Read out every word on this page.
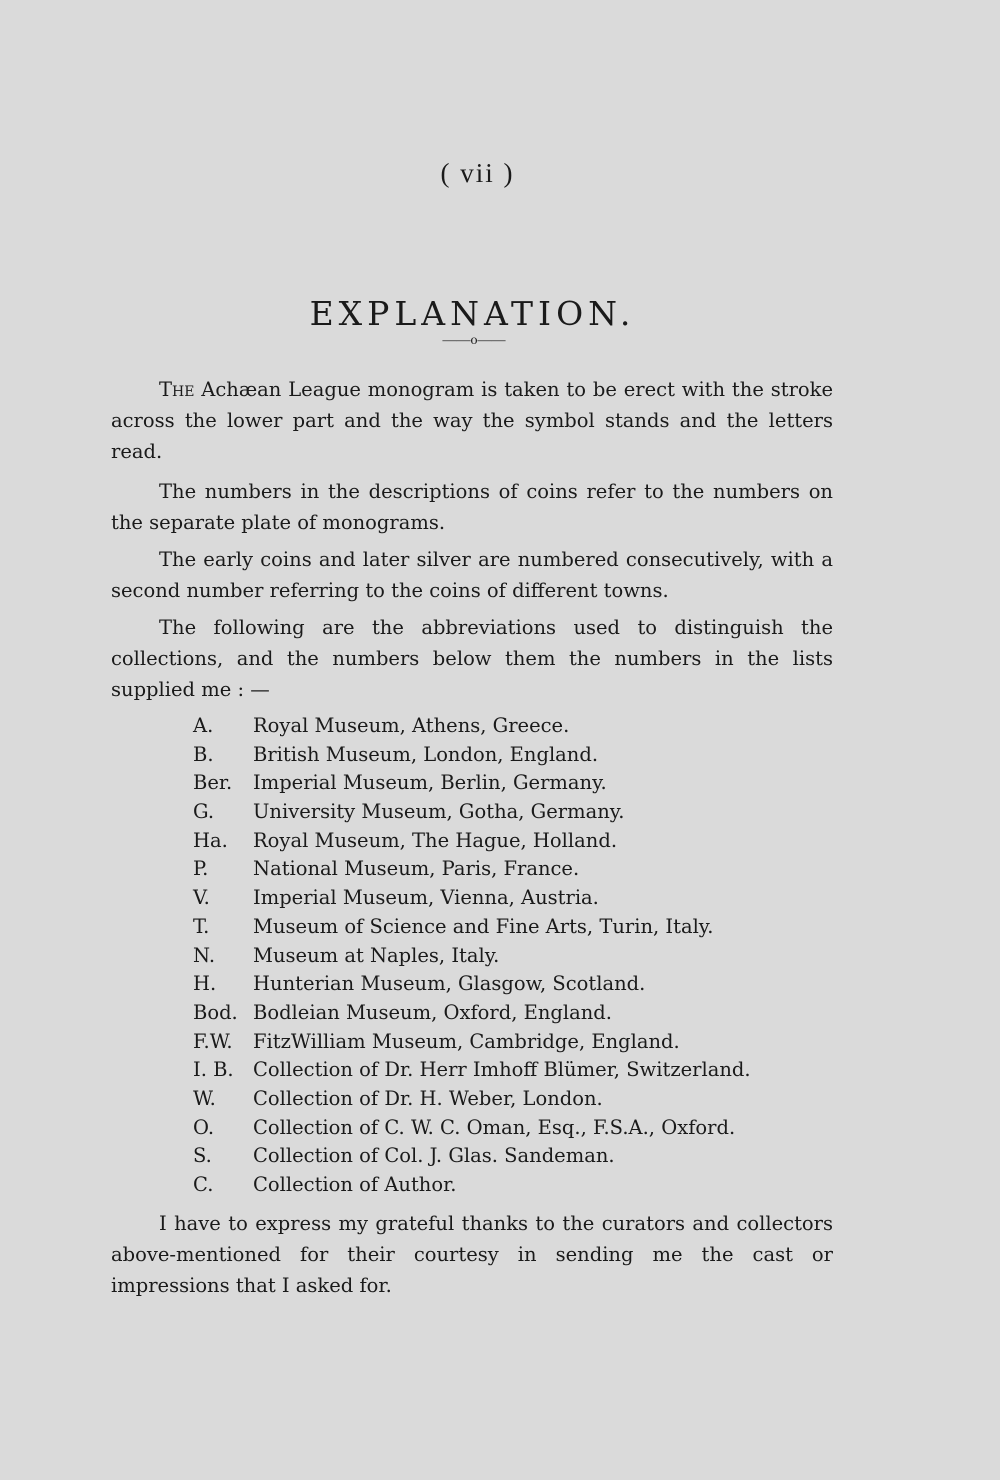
( vii )
EXPLANATION.
——o——

The Achæan League monogram is taken to be erect with the stroke across the lower part and the way the symbol stands and the letters read.

The numbers in the descriptions of coins refer to the numbers on the separate plate of monograms.

The early coins and later silver are numbered consecutively, with a second number referring to the coins of different towns.

The following are the abbreviations used to distinguish the collections, and the numbers below them the numbers in the lists supplied me : —

A.	Royal Museum, Athens, Greece.
B.	British Museum, London, England.
Ber.	Imperial Museum, Berlin, Germany.
G.	University Museum, Gotha, Germany.
Ha.	Royal Museum, The Hague, Holland.
P.	National Museum, Paris, France.
V.	Imperial Museum, Vienna, Austria.
T.	Museum of Science and Fine Arts, Turin, Italy.
N.	Museum at Naples, Italy.
H.	Hunterian Museum, Glasgow, Scotland.
Bod. Bodleian Museum, Oxford, England.
F.W.	FitzWilliam Museum, Cambridge, England.
I. B. Collection of Dr. Herr Imhoff Blümer, Switzerland.
W.	Collection of Dr. H. Weber, London.
O.	Collection of C. W. C. Oman, Esq., F.S.A., Oxford.
S.	Collection of Col. J. Glas. Sandeman.
C.	Collection of Author.

I have to express my grateful thanks to the curators and collectors above-mentioned for their courtesy in sending me the cast or impressions that I asked for.
